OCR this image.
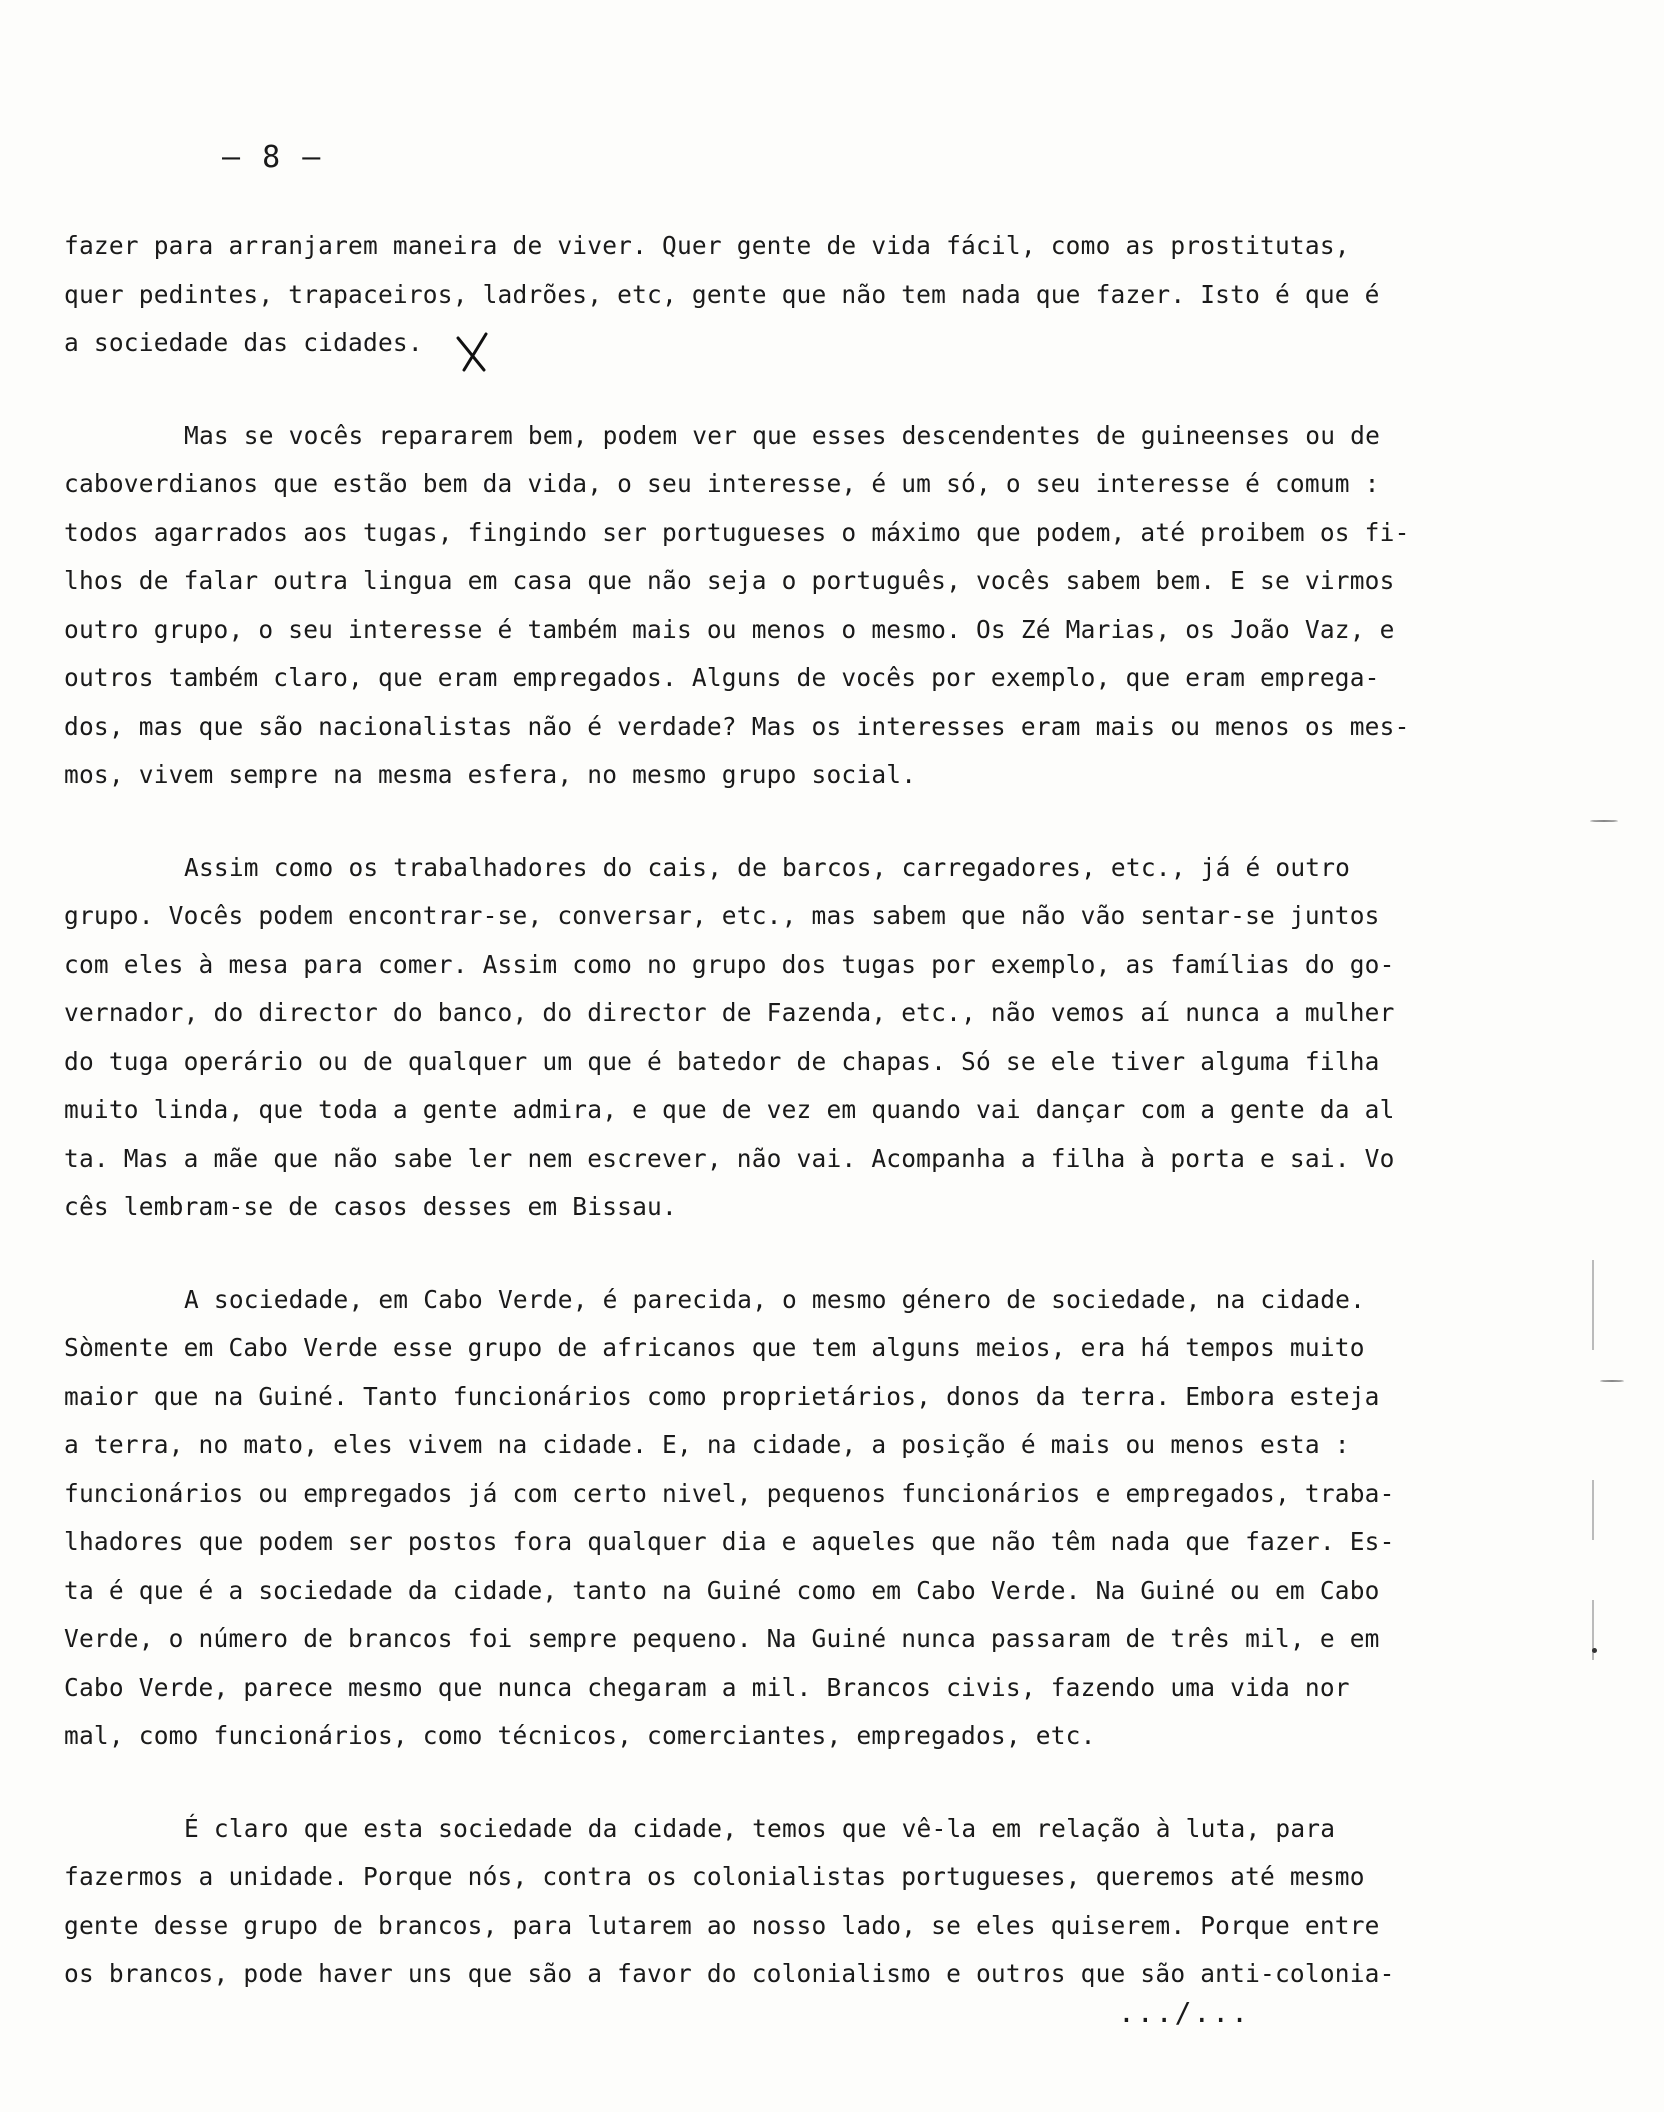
– 8 –
fazer para arranjarem maneira de viver. Quer gente de vida fácil, como as prostitutas,
quer pedintes, trapaceiros, ladrões, etc, gente que não tem nada que fazer. Isto é que é
a sociedade das cidades.
Mas se vocês repararem bem, podem ver que esses descendentes de guineenses ou de
caboverdianos que estão bem da vida, o seu interesse, é um só, o seu interesse é comum :
todos agarrados aos tugas, fingindo ser portugueses o máximo que podem, até proibem os fi-
lhos de falar outra lingua em casa que não seja o português, vocês sabem bem. E se virmos
outro grupo, o seu interesse é também mais ou menos o mesmo. Os Zé Marias, os João Vaz, e
outros também claro, que eram empregados. Alguns de vocês por exemplo, que eram emprega-
dos, mas que são nacionalistas não é verdade? Mas os interesses eram mais ou menos os mes-
mos, vivem sempre na mesma esfera, no mesmo grupo social.
Assim como os trabalhadores do cais, de barcos, carregadores, etc., já é outro
grupo. Vocês podem encontrar-se, conversar, etc., mas sabem que não vão sentar-se juntos
com eles à mesa para comer. Assim como no grupo dos tugas por exemplo, as famílias do go-
vernador, do director do banco, do director de Fazenda, etc., não vemos aí nunca a mulher
do tuga operário ou de qualquer um que é batedor de chapas. Só se ele tiver alguma filha
muito linda, que toda a gente admira, e que de vez em quando vai dançar com a gente da al
ta. Mas a mãe que não sabe ler nem escrever, não vai. Acompanha a filha à porta e sai. Vo
cês lembram-se de casos desses em Bissau.
A sociedade, em Cabo Verde, é parecida, o mesmo género de sociedade, na cidade.
Sòmente em Cabo Verde esse grupo de africanos que tem alguns meios, era há tempos muito
maior que na Guiné. Tanto funcionários como proprietários, donos da terra. Embora esteja
a terra, no mato, eles vivem na cidade. E, na cidade, a posição é mais ou menos esta :
funcionários ou empregados já com certo nivel, pequenos funcionários e empregados, traba-
lhadores que podem ser postos fora qualquer dia e aqueles que não têm nada que fazer. Es-
ta é que é a sociedade da cidade, tanto na Guiné como em Cabo Verde. Na Guiné ou em Cabo
Verde, o número de brancos foi sempre pequeno. Na Guiné nunca passaram de três mil, e em
Cabo Verde, parece mesmo que nunca chegaram a mil. Brancos civis, fazendo uma vida nor
mal, como funcionários, como técnicos, comerciantes, empregados, etc.
É claro que esta sociedade da cidade, temos que vê-la em relação à luta, para
fazermos a unidade. Porque nós, contra os colonialistas portugueses, queremos até mesmo
gente desse grupo de brancos, para lutarem ao nosso lado, se eles quiserem. Porque entre
os brancos, pode haver uns que são a favor do colonialismo e outros que são anti-colonia-
.../...
